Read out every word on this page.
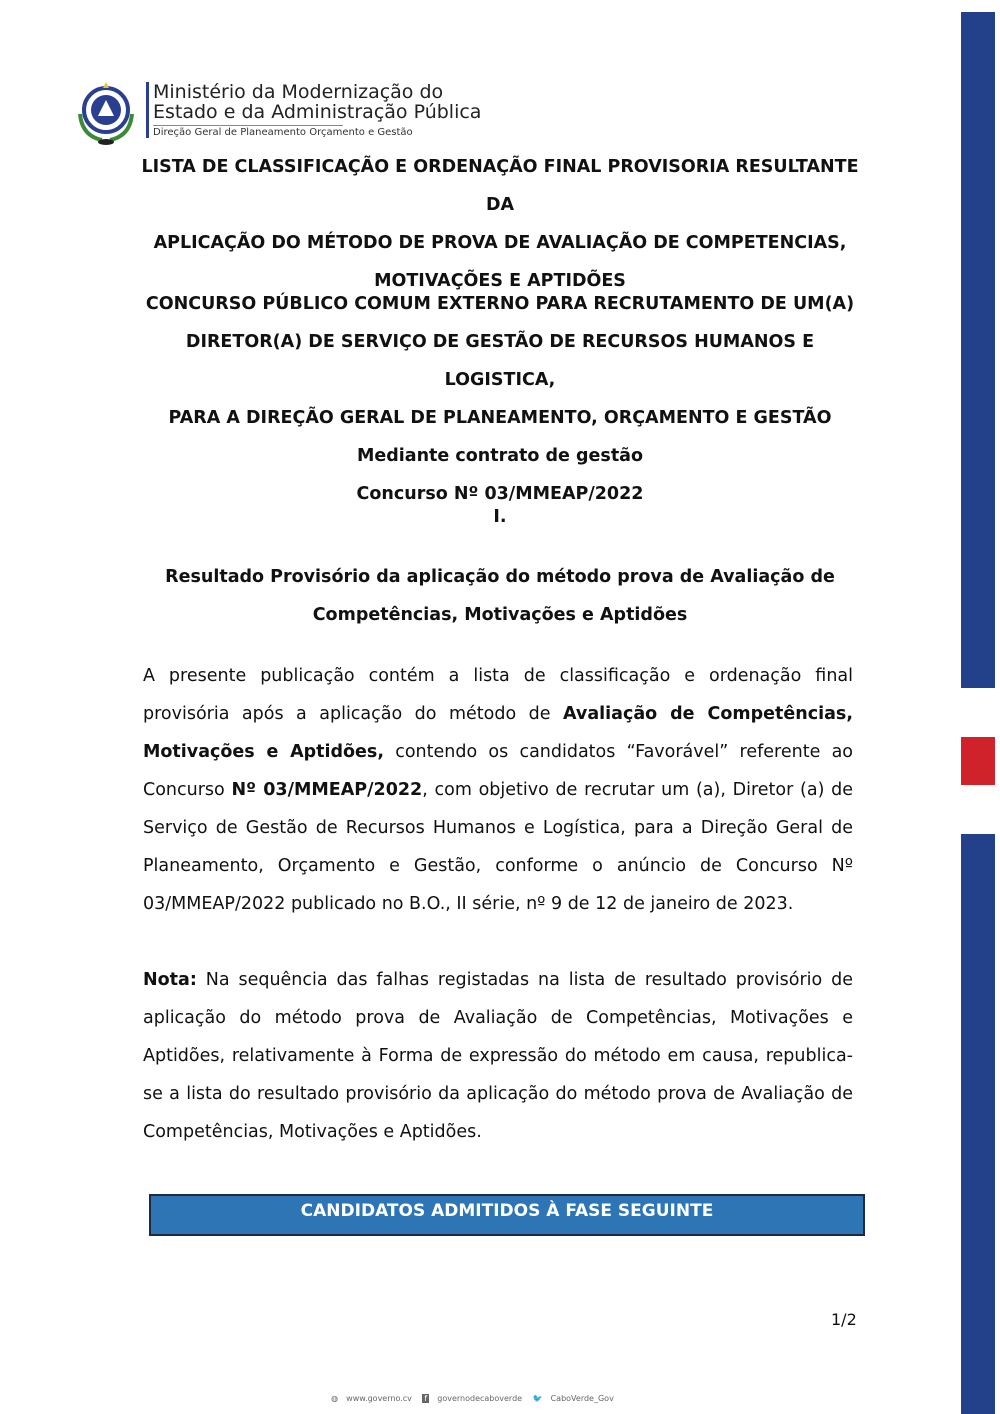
Ministério da Modernização do
Estado e da Administração Pública
Direção Geral de Planeamento Orçamento e Gestão
LISTA DE CLASSIFICAÇÃO E ORDENAÇÃO FINAL PROVISORIA RESULTANTE DA
APLICAÇÃO DO MÉTODO DE PROVA DE AVALIAÇÃO DE COMPETENCIAS,
MOTIVAÇÕES E APTIDÕES
CONCURSO PÚBLICO COMUM EXTERNO PARA RECRUTAMENTO DE UM(A)
DIRETOR(A) DE SERVIÇO DE GESTÃO DE RECURSOS HUMANOS E LOGISTICA,
PARA A DIREÇÃO GERAL DE PLANEAMENTO, ORÇAMENTO E GESTÃO
Mediante contrato de gestão
Concurso Nº 03/MMEAP/2022
I.
Resultado Provisório da aplicação do método prova de Avaliação de
Competências, Motivações e Aptidões
A presente publicação contém a lista de classificação e ordenação final provisória após a aplicação do método de Avaliação de Competências, Motivações e Aptidões, contendo os candidatos “Favorável” referente ao Concurso Nº 03/MMEAP/2022, com objetivo de recrutar um (a), Diretor (a) de Serviço de Gestão de Recursos Humanos e Logística, para a Direção Geral de Planeamento, Orçamento e Gestão, conforme o anúncio de Concurso Nº 03/MMEAP/2022 publicado no B.O., II série, nº 9 de 12 de janeiro de 2023.
Nota: Na sequência das falhas registadas na lista de resultado provisório de aplicação do método prova de Avaliação de Competências, Motivações e Aptidões, relativamente à Forma de expressão do método em causa, republica-se a lista do resultado provisório da aplicação do método prova de Avaliação de Competências, Motivações e Aptidões.
CANDIDATOS ADMITIDOS À FASE SEGUINTE
1/2
◍ www.governo.cv f governodecaboverde 🐦 CaboVerde_Gov
